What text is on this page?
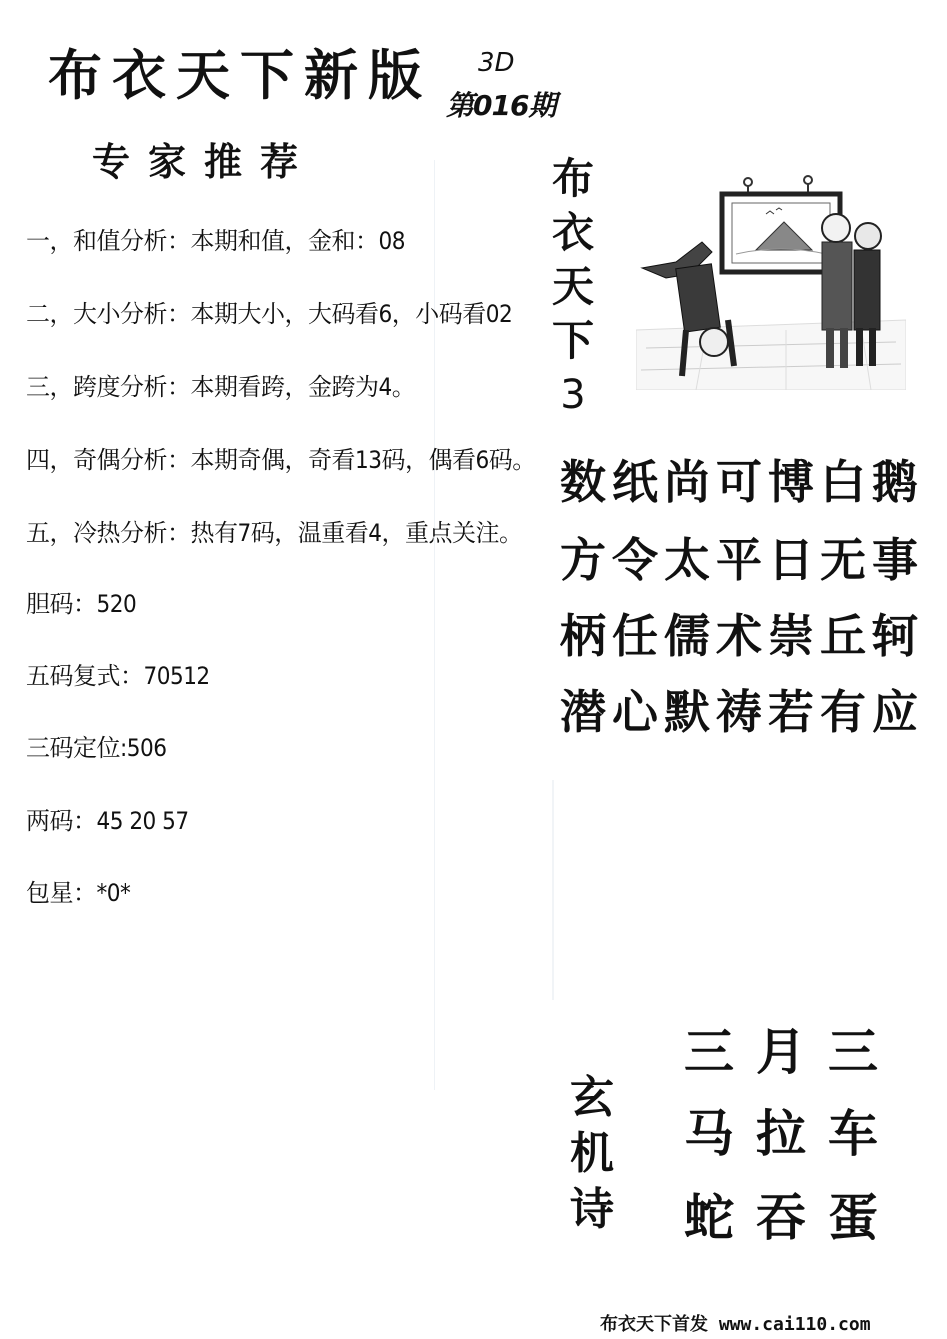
布衣天下新版 3D
第016期
专家推荐
一，和值分析：本期和值，金和：08
二，大小分析：本期大小，大码看6，小码看02
三，跨度分析：本期看跨，金跨为4。
四，奇偶分析：本期奇偶，奇看13码，偶看6码。
五，冷热分析：热有7码，温重看4，重点关注。
胆码：520
五码复式：70512
三码定位:506
两码：45 20 57
包星：*0*
布
衣
天
下
3
数纸尚可博白鹅
方令太平日无事
柄任儒术崇丘轲
潜心默祷若有应
玄
机
诗
三月三
马拉车
蛇吞蛋
布衣天下首发 www.cai110.com
